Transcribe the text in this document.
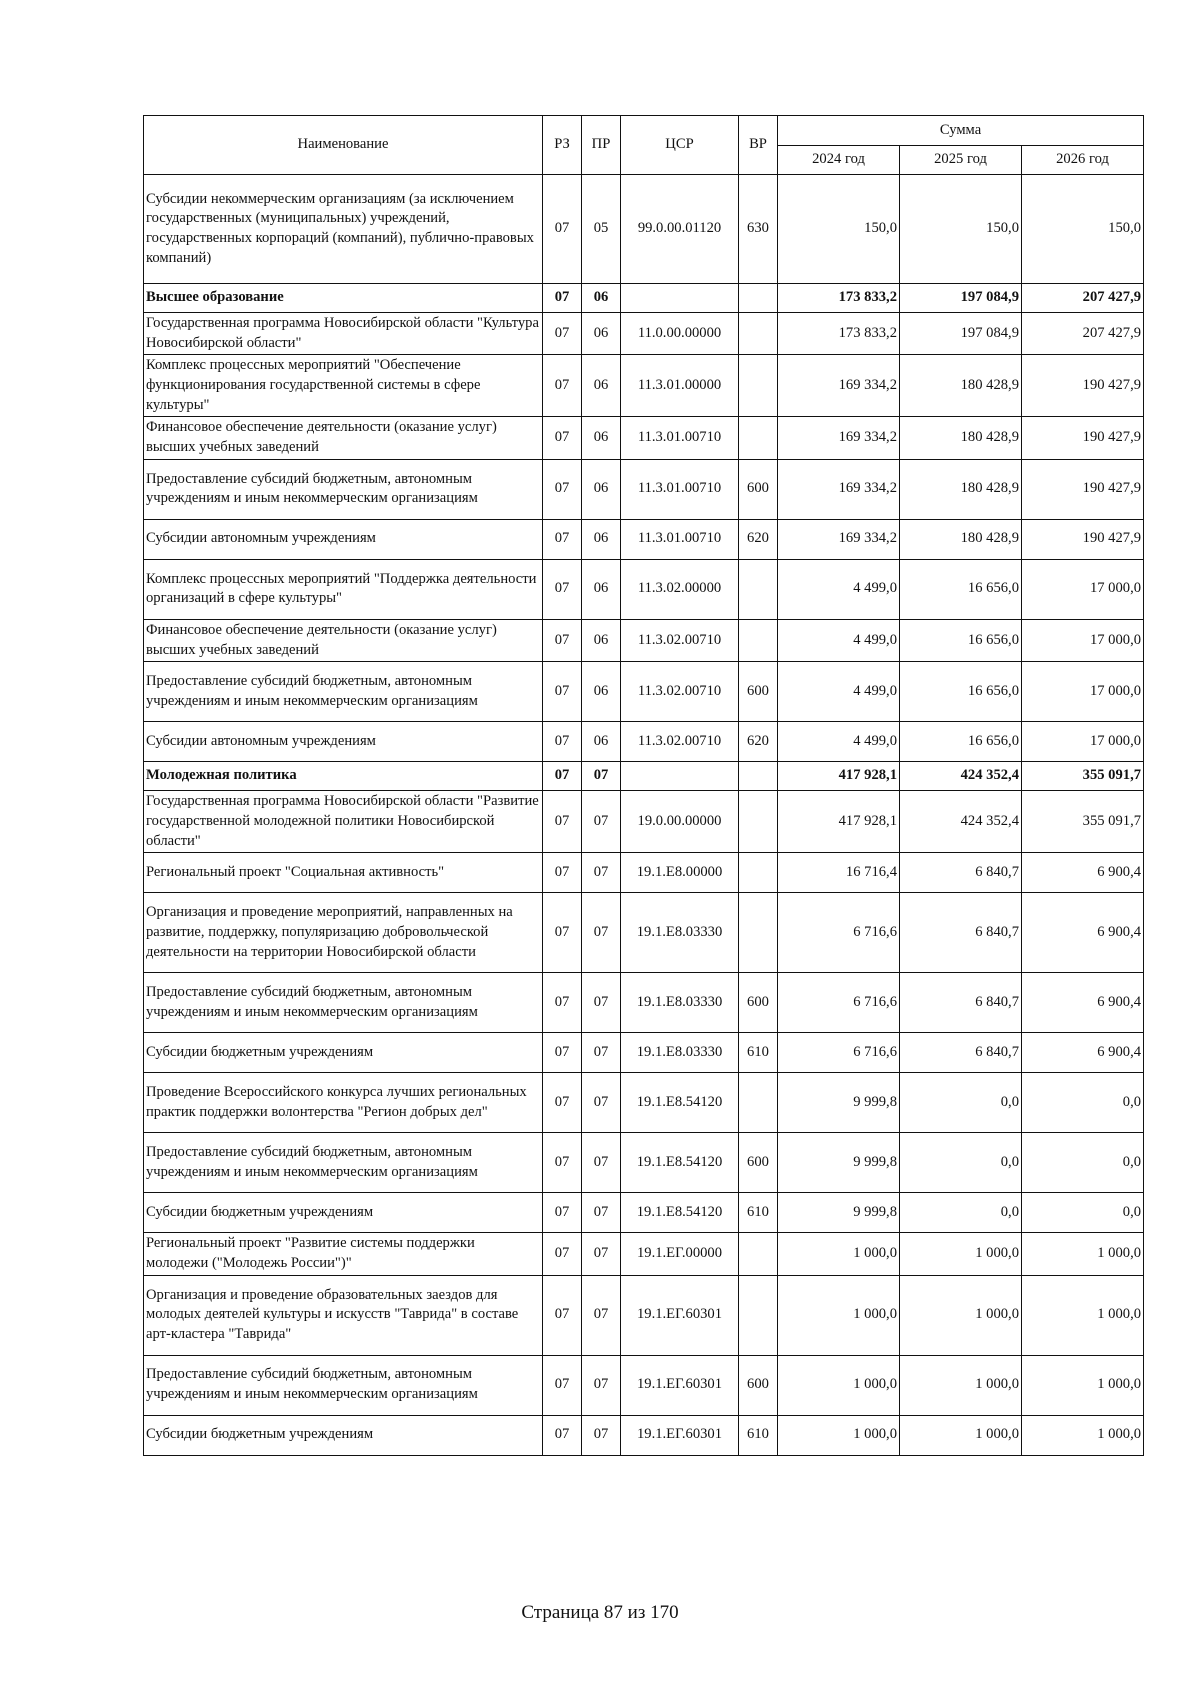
Наименование	РЗ	ПР	ЦСР	ВР	Сумма		
					2024 год	2025 год	2026 год
Субсидии некоммерческим организациям (за исключением государственных (муниципальных) учреждений, государственных корпораций (компаний), публично-правовых компаний)	07	05	99.0.00.01120	630	150,0	150,0	150,0
Высшее образование	07	06			173 833,2	197 084,9	207 427,9
Государственная программа Новосибирской области "Культура Новосибирской области"	07	06	11.0.00.00000		173 833,2	197 084,9	207 427,9
Комплекс процессных мероприятий "Обеспечение функционирования государственной системы в сфере культуры"	07	06	11.3.01.00000		169 334,2	180 428,9	190 427,9
Финансовое обеспечение деятельности (оказание услуг) высших учебных заведений	07	06	11.3.01.00710		169 334,2	180 428,9	190 427,9
Предоставление субсидий бюджетным, автономным учреждениям и иным некоммерческим организациям	07	06	11.3.01.00710	600	169 334,2	180 428,9	190 427,9
Субсидии автономным учреждениям	07	06	11.3.01.00710	620	169 334,2	180 428,9	190 427,9
Комплекс процессных мероприятий "Поддержка деятельности организаций в сфере культуры"	07	06	11.3.02.00000		4 499,0	16 656,0	17 000,0
Финансовое обеспечение деятельности (оказание услуг) высших учебных заведений	07	06	11.3.02.00710		4 499,0	16 656,0	17 000,0
Предоставление субсидий бюджетным, автономным учреждениям и иным некоммерческим организациям	07	06	11.3.02.00710	600	4 499,0	16 656,0	17 000,0
Субсидии автономным учреждениям	07	06	11.3.02.00710	620	4 499,0	16 656,0	17 000,0
Молодежная политика	07	07			417 928,1	424 352,4	355 091,7
Государственная программа Новосибирской области "Развитие государственной молодежной политики Новосибирской области"	07	07	19.0.00.00000		417 928,1	424 352,4	355 091,7
Региональный проект "Социальная активность"	07	07	19.1.E8.00000		16 716,4	6 840,7	6 900,4
Организация и проведение мероприятий, направленных на развитие, поддержку, популяризацию добровольческой деятельности на территории Новосибирской области	07	07	19.1.E8.03330		6 716,6	6 840,7	6 900,4
Предоставление субсидий бюджетным, автономным учреждениям и иным некоммерческим организациям	07	07	19.1.E8.03330	600	6 716,6	6 840,7	6 900,4
Субсидии бюджетным учреждениям	07	07	19.1.E8.03330	610	6 716,6	6 840,7	6 900,4
Проведение Всероссийского конкурса лучших региональных практик поддержки волонтерства "Регион добрых дел"	07	07	19.1.E8.54120		9 999,8	0,0	0,0
Предоставление субсидий бюджетным, автономным учреждениям и иным некоммерческим организациям	07	07	19.1.E8.54120	600	9 999,8	0,0	0,0
Субсидии бюджетным учреждениям	07	07	19.1.E8.54120	610	9 999,8	0,0	0,0
Региональный проект "Развитие системы поддержки молодежи ("Молодежь России")"	07	07	19.1.ЕГ.00000		1 000,0	1 000,0	1 000,0
Организация и проведение образовательных заездов для молодых деятелей культуры и искусств "Таврида" в составе арт-кластера "Таврида"	07	07	19.1.ЕГ.60301		1 000,0	1 000,0	1 000,0
Предоставление субсидий бюджетным, автономным учреждениям и иным некоммерческим организациям	07	07	19.1.ЕГ.60301	600	1 000,0	1 000,0	1 000,0
Субсидии бюджетным учреждениям	07	07	19.1.ЕГ.60301	610	1 000,0	1 000,0	1 000,0
Страница 87 из 170
